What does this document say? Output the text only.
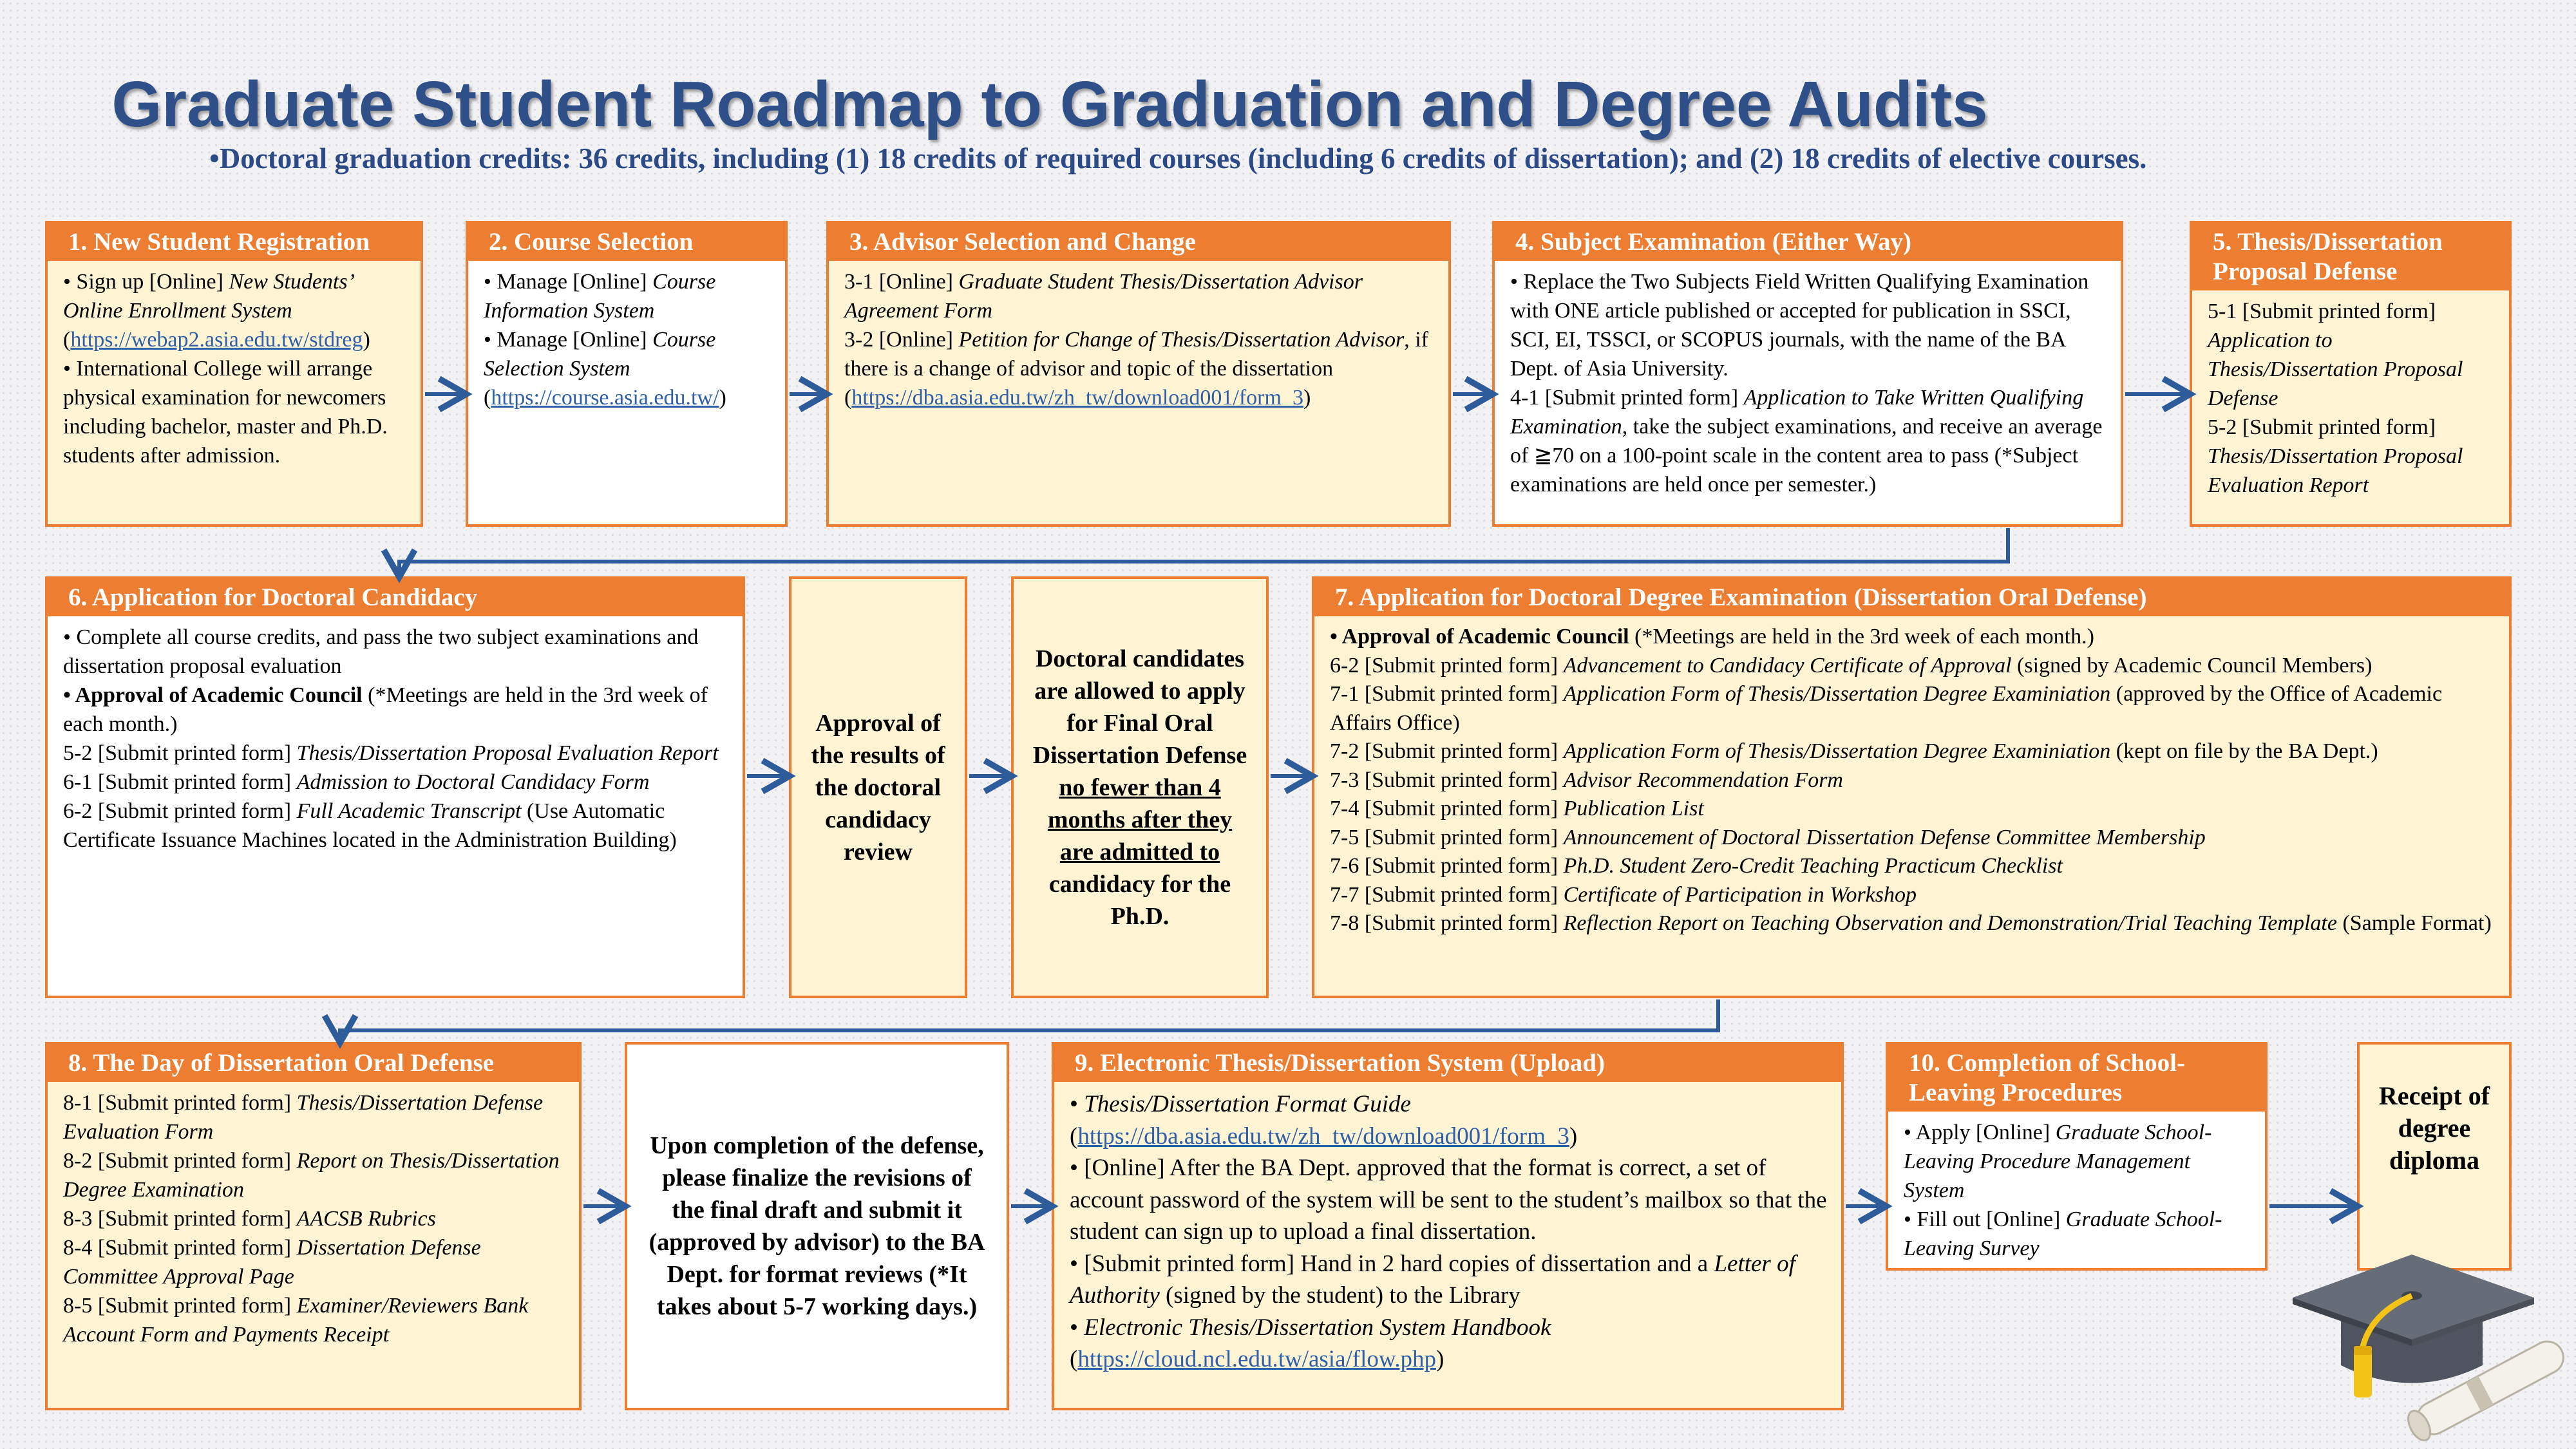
Graduate Student Roadmap to Graduation and Degree Audits
•Doctoral graduation credits: 36 credits, including (1) 18 credits of required courses (including 6 credits of dissertation); and (2) 18 credits of elective courses.
1. New Student Registration

• Sign up [Online] New Students’ Online Enrollment System

(https://webap2.asia.edu.tw/stdreg)

• International College will arrange physical examination for newcomers including bachelor, master and Ph.D. students after admission.

2. Course Selection

• Manage [Online] Course Information System

• Manage [Online] Course Selection System

(https://course.asia.edu.tw/)

3. Advisor Selection and Change

3-1 [Online] Graduate Student Thesis/Dissertation Advisor Agreement Form

3-2 [Online] Petition for Change of Thesis/Dissertation Advisor, if there is a change of advisor and topic of the dissertation

(https://dba.asia.edu.tw/zh_tw/download001/form_3)

4. Subject Examination (Either Way)

• Replace the Two Subjects Field Written Qualifying Examination with ONE article published or accepted for publication in SSCI, SCI, EI, TSSCI, or SCOPUS journals, with the name of the BA Dept. of Asia University.

4-1 [Submit printed form] Application to Take Written Qualifying Examination, take the subject examinations, and receive an average of ≧70 on a 100-point scale in the content area to pass (*Subject examinations are held once per semester.)

5. Thesis/Dissertation Proposal Defense

5-1 [Submit printed form] Application to Thesis/Dissertation Proposal Defense

5-2 [Submit printed form] Thesis/Dissertation Proposal Evaluation Report

6. Application for Doctoral Candidacy

• Complete all course credits, and pass the two subject examinations and dissertation proposal evaluation

• Approval of Academic Council (*Meetings are held in the 3rd week of each month.)

5-2 [Submit printed form] Thesis/Dissertation Proposal Evaluation Report

6-1 [Submit printed form] Admission to Doctoral Candidacy Form

6-2 [Submit printed form] Full Academic Transcript (Use Automatic Certificate Issuance Machines located in the Administration Building)

Approval of the results of the doctoral candidacy review
Doctoral candidates are allowed to apply for Final Oral Dissertation Defense no fewer than 4 months after they are admitted to candidacy for the Ph.D.
7. Application for Doctoral Degree Examination (Dissertation Oral Defense)

• Approval of Academic Council (*Meetings are held in the 3rd week of each month.)

6-2 [Submit printed form] Advancement to Candidacy Certificate of Approval (signed by Academic Council Members)

7-1 [Submit printed form] Application Form of Thesis/Dissertation Degree Examiniation (approved by the Office of Academic Affairs Office)

7-2 [Submit printed form] Application Form of Thesis/Dissertation Degree Examiniation (kept on file by the BA Dept.)

7-3 [Submit printed form] Advisor Recommendation Form

7-4 [Submit printed form] Publication List

7-5 [Submit printed form] Announcement of Doctoral Dissertation Defense Committee Membership

7-6 [Submit printed form] Ph.D. Student Zero-Credit Teaching Practicum Checklist

7-7 [Submit printed form] Certificate of Participation in Workshop

7-8 [Submit printed form] Reflection Report on Teaching Observation and Demonstration/Trial Teaching Template (Sample Format)

8. The Day of Dissertation Oral Defense

8-1 [Submit printed form] Thesis/Dissertation Defense Evaluation Form

8-2 [Submit printed form] Report on Thesis/Dissertation Degree Examination

8-3 [Submit printed form] AACSB Rubrics

8-4 [Submit printed form] Dissertation Defense Committee Approval Page

8-5 [Submit printed form] Examiner/Reviewers Bank Account Form and Payments Receipt

Upon completion of the defense, please finalize the revisions of the final draft and submit it (approved by advisor) to the BA Dept. for format reviews (*It takes about 5-7 working days.)
9. Electronic Thesis/Dissertation System (Upload)

• Thesis/Dissertation Format Guide

(https://dba.asia.edu.tw/zh_tw/download001/form_3)

• [Online] After the BA Dept. approved that the format is correct, a set of account password of the system will be sent to the student’s mailbox so that the student can sign up to upload a final dissertation.

• [Submit printed form] Hand in 2 hard copies of dissertation and a Letter of Authority (signed by the student) to the Library

• Electronic Thesis/Dissertation System Handbook

(https://cloud.ncl.edu.tw/asia/flow.php)

10. Completion of School-Leaving Procedures

• Apply [Online] Graduate School-Leaving Procedure Management System

• Fill out [Online] Graduate School-Leaving Survey

Receipt of degree diploma
